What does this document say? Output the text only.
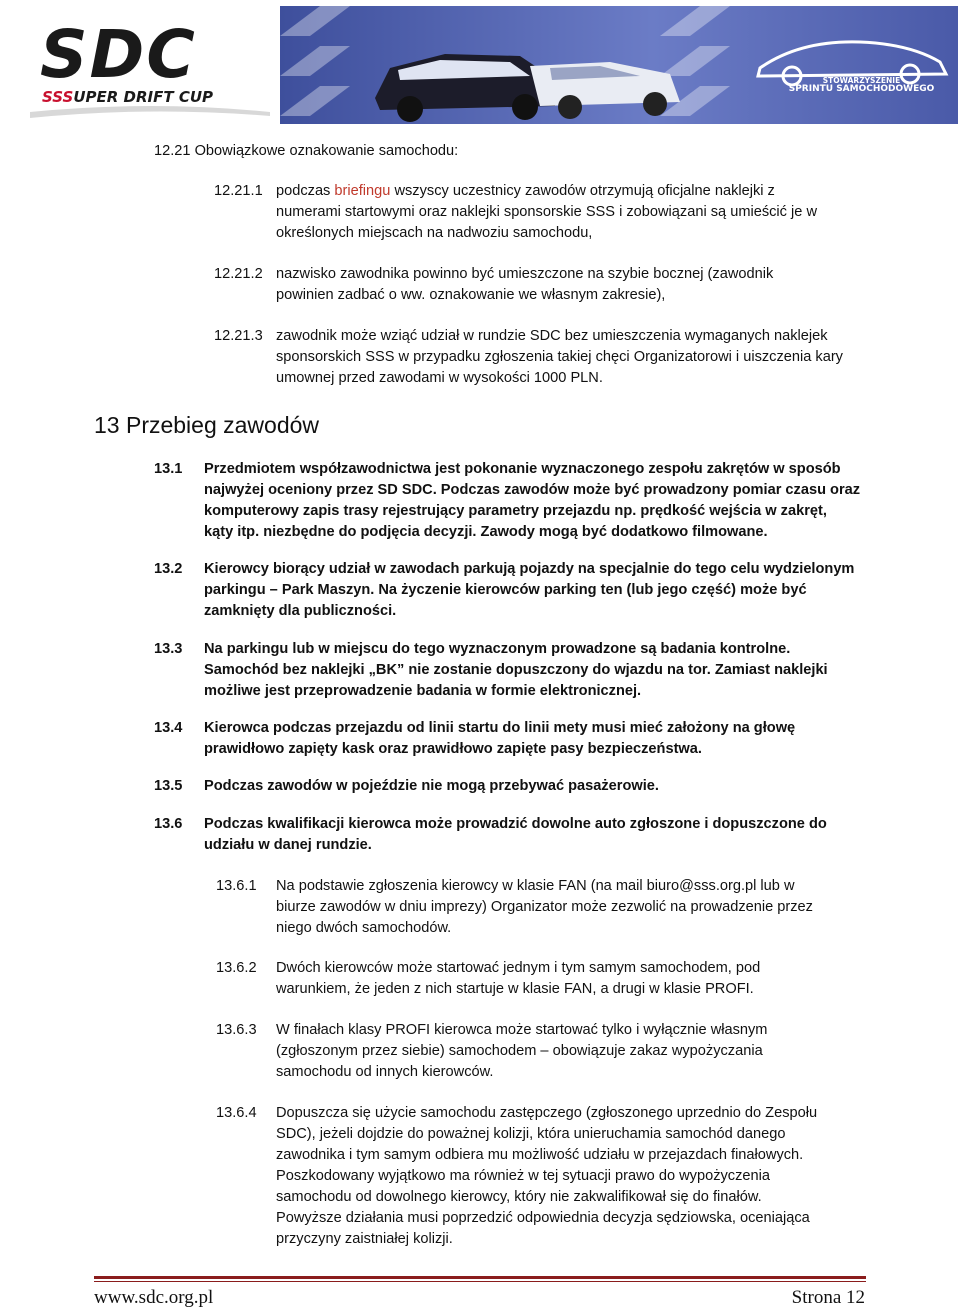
SDC
SSSUPER DRIFT CUP
STOWARZYSZENIE
SPRINTU SAMOCHODOWEGO
12.21 Obowiązkowe oznakowanie samochodu:
12.21.1 podczas briefingu wszyscy uczestnicy zawodów otrzymują oficjalne naklejki z
numerami startowymi oraz naklejki sponsorskie SSS i zobowiązani są umieścić je w
określonych miejscach na nadwoziu samochodu,
12.21.2 nazwisko zawodnika powinno być umieszczone na szybie bocznej (zawodnik
powinien zadbać o ww. oznakowanie we własnym zakresie),
12.21.3 zawodnik może wziąć udział w rundzie SDC bez umieszczenia wymaganych naklejek
sponsorskich SSS w przypadku zgłoszenia takiej chęci Organizatorowi i uiszczenia kary
umownej przed zawodami w wysokości 1000 PLN.
13 Przebieg zawodów
13.1 Przedmiotem współzawodnictwa jest pokonanie wyznaczonego zespołu zakrętów w sposób
najwyżej oceniony przez SD SDC. Podczas zawodów może być prowadzony pomiar czasu oraz
komputerowy zapis trasy rejestrujący parametry przejazdu np. prędkość wejścia w zakręt,
kąty itp. niezbędne do podjęcia decyzji. Zawody mogą być dodatkowo filmowane.
13.2 Kierowcy biorący udział w zawodach parkują pojazdy na specjalnie do tego celu wydzielonym
parkingu – Park Maszyn. Na życzenie kierowców parking ten (lub jego część) może być
zamknięty dla publiczności.
13.3 Na parkingu lub w miejscu do tego wyznaczonym prowadzone są badania kontrolne.
Samochód bez naklejki „BK” nie zostanie dopuszczony do wjazdu na tor. Zamiast naklejki
możliwe jest przeprowadzenie badania w formie elektronicznej.
13.4 Kierowca podczas przejazdu od linii startu do linii mety musi mieć założony na głowę
prawidłowo zapięty kask oraz prawidłowo zapięte pasy bezpieczeństwa.
13.5 Podczas zawodów w pojeździe nie mogą przebywać pasażerowie.
13.6 Podczas kwalifikacji kierowca może prowadzić dowolne auto zgłoszone i dopuszczone do
udziału w danej rundzie.
13.6.1 Na podstawie zgłoszenia kierowcy w klasie FAN (na mail biuro@sss.org.pl lub w
biurze zawodów w dniu imprezy) Organizator może zezwolić na prowadzenie przez
niego dwóch samochodów.
13.6.2 Dwóch kierowców może startować jednym i tym samym samochodem, pod
warunkiem, że jeden z nich startuje w klasie FAN, a drugi w klasie PROFI.
13.6.3 W finałach klasy PROFI kierowca może startować tylko i wyłącznie własnym
(zgłoszonym przez siebie) samochodem – obowiązuje zakaz wypożyczania
samochodu od innych kierowców.
13.6.4 Dopuszcza się użycie samochodu zastępczego (zgłoszonego uprzednio do Zespołu
SDC), jeżeli dojdzie do poważnej kolizji, która unieruchamia samochód danego
zawodnika i tym samym odbiera mu możliwość udziału w przejazdach finałowych.
Poszkodowany wyjątkowo ma również w tej sytuacji prawo do wypożyczenia
samochodu od dowolnego kierowcy, który nie zakwalifikował się do finałów.
Powyższe działania musi poprzedzić odpowiednia decyzja sędziowska, oceniająca
przyczyny zaistniałej kolizji.
www.sdc.org.pl	Strona 12
